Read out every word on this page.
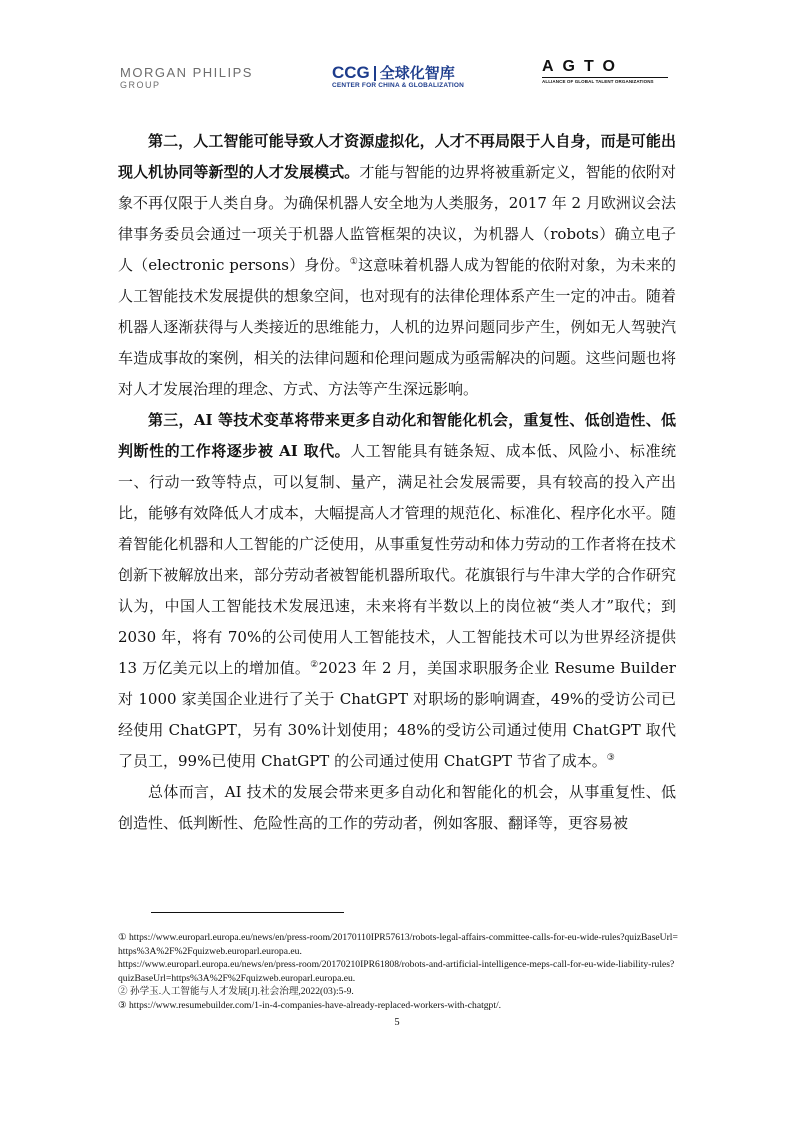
MORGAN PHILIPS
GROUP
CCG 全球化智库
CENTER FOR CHINA & GLOBALIZATION
AGTO
ALLIANCE OF GLOBAL TALENT ORGANIZATIONS

第二，人工智能可能导致人才资源虚拟化，人才不再局限于人自身，而是可能出现人机协同等新型的人才发展模式。才能与智能的边界将被重新定义，智能的依附对象不再仅限于人类自身。为确保机器人安全地为人类服务，2017 年 2 月欧洲议会法律事务委员会通过一项关于机器人监管框架的决议，为机器人（robots）确立电子人（electronic persons）身份。①这意味着机器人成为智能的依附对象，为未来的人工智能技术发展提供的想象空间，也对现有的法律伦理体系产生一定的冲击。随着机器人逐渐获得与人类接近的思维能力，人机的边界问题同步产生，例如无人驾驶汽车造成事故的案例，相关的法律问题和伦理问题成为亟需解决的问题。这些问题也将对人才发展治理的理念、方式、方法等产生深远影响。

第三，AI 等技术变革将带来更多自动化和智能化机会，重复性、低创造性、低判断性的工作将逐步被 AI 取代。人工智能具有链条短、成本低、风险小、标准统一、行动一致等特点，可以复制、量产，满足社会发展需要，具有较高的投入产出比，能够有效降低人才成本，大幅提高人才管理的规范化、标准化、程序化水平。随着智能化机器和人工智能的广泛使用，从事重复性劳动和体力劳动的工作者将在技术创新下被解放出来，部分劳动者被智能机器所取代。花旗银行与牛津大学的合作研究认为，中国人工智能技术发展迅速，未来将有半数以上的岗位被“类人才”取代；到 2030 年，将有 70%的公司使用人工智能技术，人工智能技术可以为世界经济提供 13 万亿美元以上的增加值。②2023 年 2 月，美国求职服务企业 Resume Builder 对 1000 家美国企业进行了关于 ChatGPT 对职场的影响调查，49%的受访公司已经使用 ChatGPT，另有 30%计划使用；48%的受访公司通过使用 ChatGPT 取代了员工，99%已使用 ChatGPT 的公司通过使用 ChatGPT 节省了成本。③

总体而言，AI 技术的发展会带来更多自动化和智能化的机会，从事重复性、低创造性、低判断性、危险性高的工作的劳动者，例如客服、翻译等，更容易被

① https://www.europarl.europa.eu/news/en/press-room/20170110IPR57613/robots-legal-affairs-committee-calls-for-eu-wide-rules?quizBaseUrl=https%3A%2F%2Fquizweb.europarl.europa.eu.

https://www.europarl.europa.eu/news/en/press-room/20170210IPR61808/robots-and-artificial-intelligence-meps-call-for-eu-wide-liability-rules?quizBaseUrl=https%3A%2F%2Fquizweb.europarl.europa.eu.

② 孙学玉.人工智能与人才发展[J].社会治理,2022(03):5-9.

③ https://www.resumebuilder.com/1-in-4-companies-have-already-replaced-workers-with-chatgpt/.

5
